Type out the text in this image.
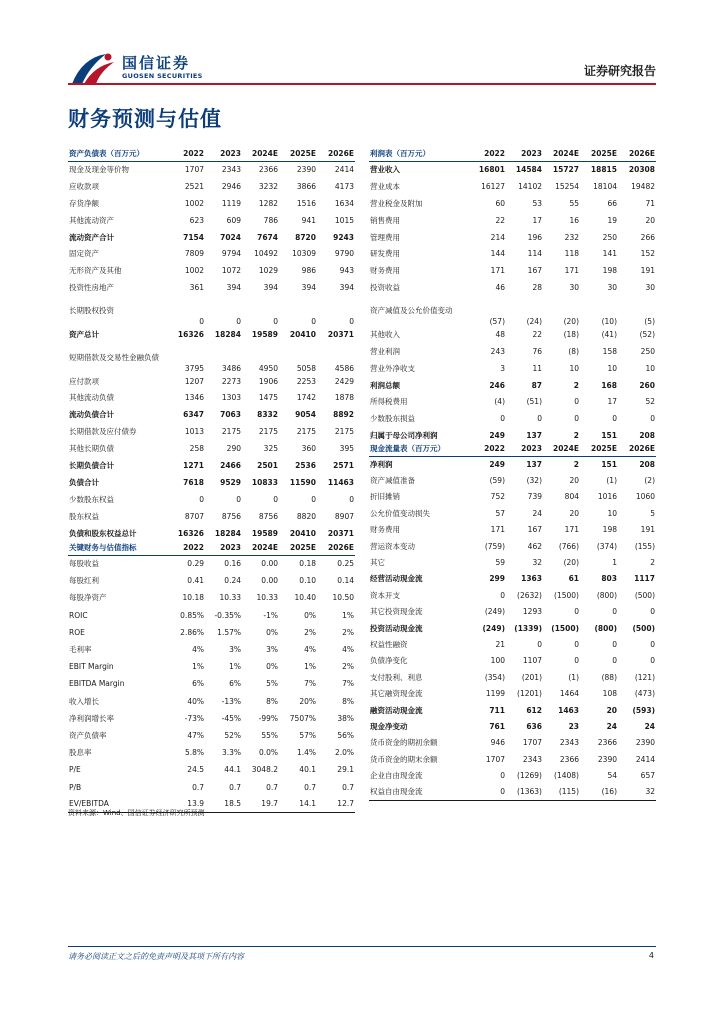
国信证券
GUOSEN SECURITIES	证券研究报告
财务预测与估值
资产负债表（百万元）	2022	2023	2024E	2025E	2026E
现金及现金等价物	1707	2343	2366	2390	2414
应收款项	2521	2946	3232	3866	4173
存货净额	1002	1119	1282	1516	1634
其他流动资产	623	609	786	941	1015
流动资产合计	7154	7024	7674	8720	9243
固定资产	7809	9794	10492	10309	9790
无形资产及其他	1002	1072	1029	986	943
投资性房地产	361	394	394	394	394
长期股权投资	0	0	0	0	0
资产总计	16326	18284	19589	20410	20371
短期借款及交易性金融负债	3795	3486	4950	5058	4586
应付款项	1207	2273	1906	2253	2429
其他流动负债	1346	1303	1475	1742	1878
流动负债合计	6347	7063	8332	9054	8892
长期借款及应付债券	1013	2175	2175	2175	2175
其他长期负债	258	290	325	360	395
长期负债合计	1271	2466	2501	2536	2571
负债合计	7618	9529	10833	11590	11463
少数股东权益	0	0	0	0	0
股东权益	8707	8756	8756	8820	8907
负债和股东权益总计	16326	18284	19589	20410	20371
关键财务与估值指标	2022	2023	2024E	2025E	2026E
每股收益	0.29	0.16	0.00	0.18	0.25
每股红利	0.41	0.24	0.00	0.10	0.14
每股净资产	10.18	10.33	10.33	10.40	10.50
ROIC	0.85%	-0.35%	-1%	0%	1%
ROE	2.86%	1.57%	0%	2%	2%
毛利率	4%	3%	3%	4%	4%
EBIT Margin	1%	1%	0%	1%	2%
EBITDA Margin	6%	6%	5%	7%	7%
收入增长	40%	-13%	8%	20%	8%
净利润增长率	-73%	-45%	-99%	7507%	38%
资产负债率	47%	52%	55%	57%	56%
股息率	5.8%	3.3%	0.0%	1.4%	2.0%
P/E	24.5	44.1	3048.2	40.1	29.1
P/B	0.7	0.7	0.7	0.7	0.7
EV/EBITDA	13.9	18.5	19.7	14.1	12.7
利润表（百万元）	2022	2023	2024E	2025E	2026E
营业收入	16801	14584	15727	18815	20308
营业成本	16127	14102	15254	18104	19482
营业税金及附加	60	53	55	66	71
销售费用	22	17	16	19	20
管理费用	214	196	232	250	266
研发费用	144	114	118	141	152
财务费用	171	167	171	198	191
投资收益	46	28	30	30	30
资产减值及公允价值变动	(57)	(24)	(20)	(10)	(5)
其他收入	48	22	(18)	(41)	(52)
营业利润	243	76	(8)	158	250
营业外净收支	3	11	10	10	10
利润总额	246	87	2	168	260
所得税费用	(4)	(51)	0	17	52
少数股东损益	0	0	0	0	0
归属于母公司净利润	249	137	2	151	208
现金流量表（百万元）	2022	2023	2024E	2025E	2026E
净利润	249	137	2	151	208
资产减值准备	(59)	(32)	20	(1)	(2)
折旧摊销	752	739	804	1016	1060
公允价值变动损失	57	24	20	10	5
财务费用	171	167	171	198	191
营运资本变动	(759)	462	(766)	(374)	(155)
其它	59	32	(20)	1	2
经营活动现金流	299	1363	61	803	1117
资本开支	0	(2632)	(1500)	(800)	(500)
其它投资现金流	(249)	1293	0	0	0
投资活动现金流	(249)	(1339)	(1500)	(800)	(500)
权益性融资	21	0	0	0	0
负债净变化	100	1107	0	0	0
支付股利、利息	(354)	(201)	(1)	(88)	(121)
其它融资现金流	1199	(1201)	1464	108	(473)
融资活动现金流	711	612	1463	20	(593)
现金净变动	761	636	23	24	24
货币资金的期初余额	946	1707	2343	2366	2390
货币资金的期末余额	1707	2343	2366	2390	2414
企业自由现金流	0	(1269)	(1408)	54	657
权益自由现金流	0	(1363)	(115)	(16)	32
资料来源：Wind、国信证券经济研究所预测
请务必阅读正文之后的免责声明及其项下所有内容	4
